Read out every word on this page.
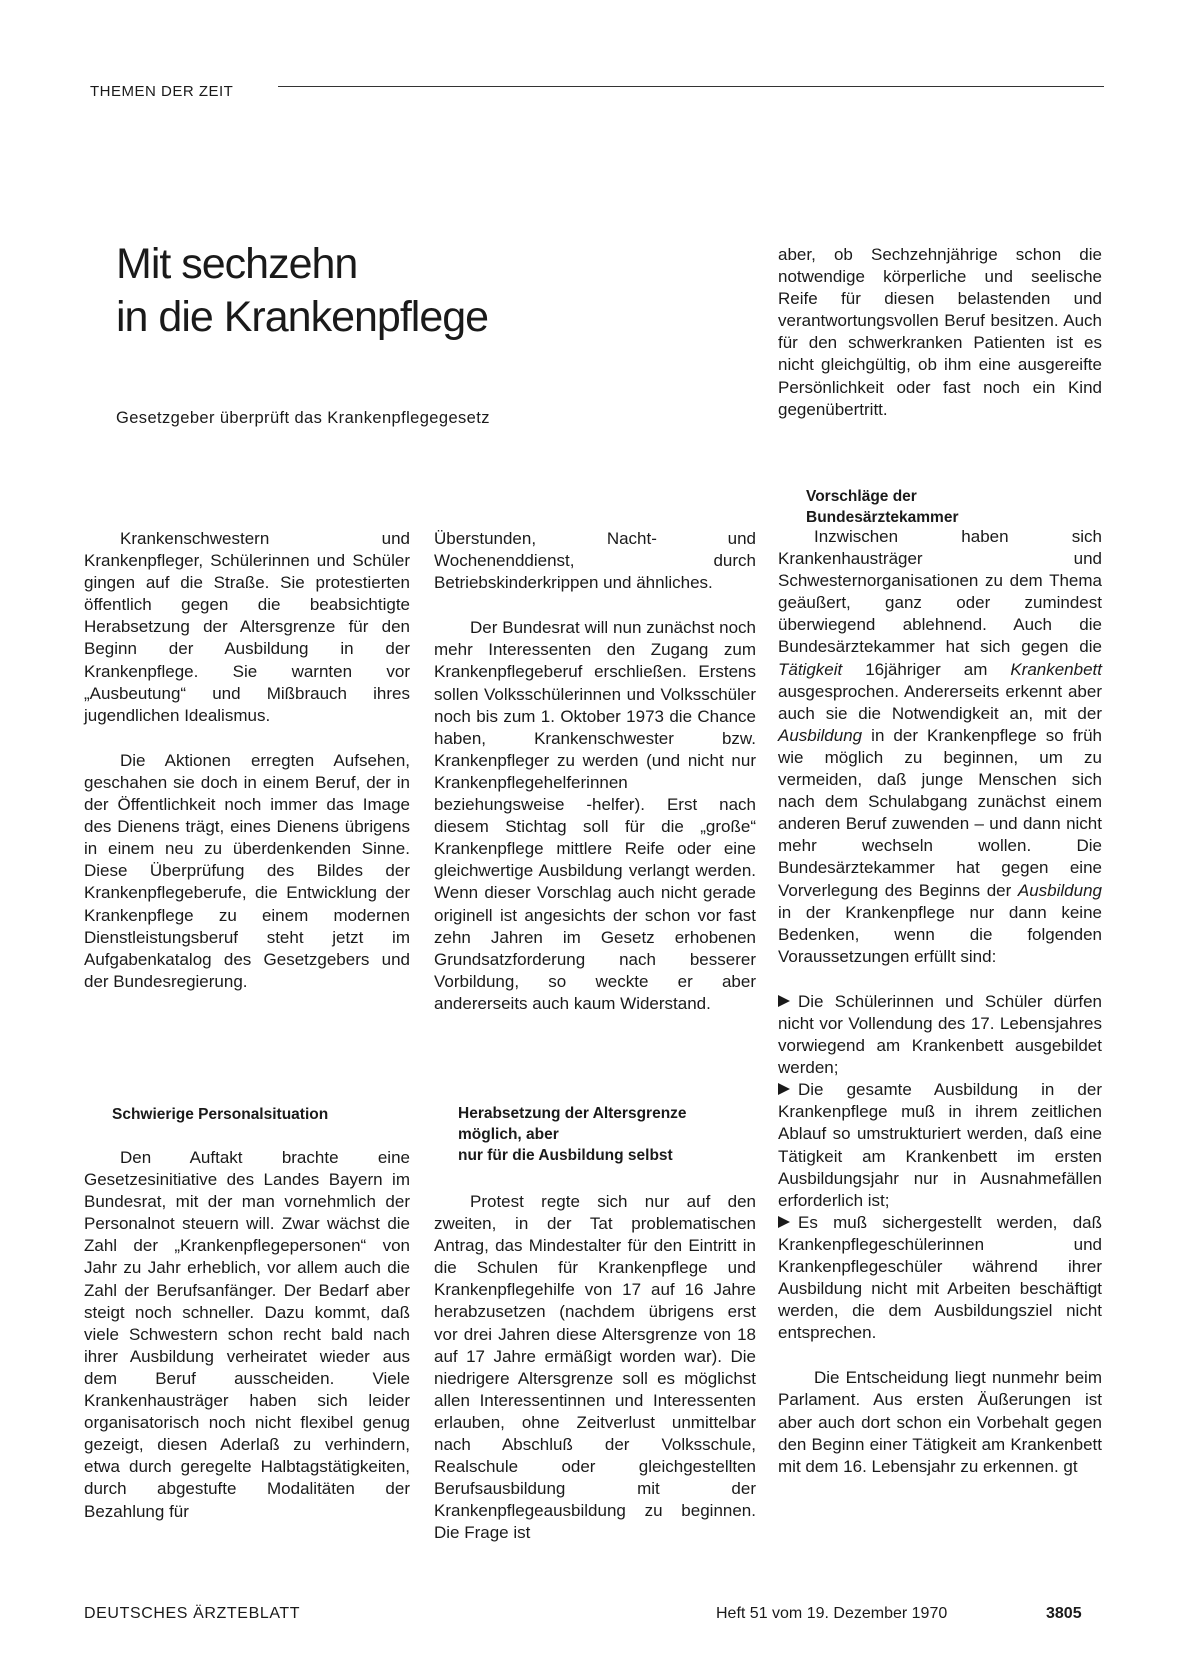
THEMEN DER ZEIT
Mit sechzehn
in die Krankenpflege

Gesetzgeber überprüft das Krankenpflegegesetz

aber, ob Sechzehnjährige schon die notwendige körperliche und seelische Reife für diesen belastenden und verantwortungsvollen Beruf besitzen. Auch für den schwerkranken Patienten ist es nicht gleichgültig, ob ihm eine ausgereifte Persönlichkeit oder fast noch ein Kind gegenübertritt.

Krankenschwestern und Krankenpfleger, Schülerinnen und Schüler gingen auf die Straße. Sie protestierten öffentlich gegen die beabsichtigte Herabsetzung der Altersgrenze für den Beginn der Ausbildung in der Krankenpflege. Sie warnten vor „Ausbeutung“ und Mißbrauch ihres jugendlichen Idealismus.

Die Aktionen erregten Aufsehen, geschahen sie doch in einem Beruf, der in der Öffentlichkeit noch immer das Image des Dienens trägt, eines Dienens übrigens in einem neu zu überdenkenden Sinne. Diese Überprüfung des Bildes der Krankenpflegeberufe, die Entwicklung der Krankenpflege zu einem modernen Dienstleistungsberuf steht jetzt im Aufgabenkatalog des Gesetzgebers und der Bundesregierung.

Schwierige Personalsituation

Den Auftakt brachte eine Gesetzesinitiative des Landes Bayern im Bundesrat, mit der man vornehmlich der Personalnot steuern will. Zwar wächst die Zahl der „Krankenpflegepersonen“ von Jahr zu Jahr erheblich, vor allem auch die Zahl der Berufsanfänger. Der Bedarf aber steigt noch schneller. Dazu kommt, daß viele Schwestern schon recht bald nach ihrer Ausbildung verheiratet wieder aus dem Beruf ausscheiden. Viele Krankenhausträger haben sich leider organisatorisch noch nicht flexibel genug gezeigt, diesen Aderlaß zu verhindern, etwa durch geregelte Halbtagstätigkeiten, durch abgestufte Modalitäten der Bezahlung für

Überstunden, Nacht- und Wochenenddienst, durch Betriebskinderkrippen und ähnliches.

Der Bundesrat will nun zunächst noch mehr Interessenten den Zugang zum Krankenpflegeberuf erschließen. Erstens sollen Volksschülerinnen und Volksschüler noch bis zum 1. Oktober 1973 die Chance haben, Krankenschwester bzw. Krankenpfleger zu werden (und nicht nur Krankenpflegehelferinnen beziehungsweise -helfer). Erst nach diesem Stichtag soll für die „große“ Krankenpflege mittlere Reife oder eine gleichwertige Ausbildung verlangt werden. Wenn dieser Vorschlag auch nicht gerade originell ist angesichts der schon vor fast zehn Jahren im Gesetz erhobenen Grundsatzforderung nach besserer Vorbildung, so weckte er aber andererseits auch kaum Widerstand.

Herabsetzung der Altersgrenze
möglich, aber
nur für die Ausbildung selbst

Protest regte sich nur auf den zweiten, in der Tat problematischen Antrag, das Mindestalter für den Eintritt in die Schulen für Krankenpflege und Krankenpflegehilfe von 17 auf 16 Jahre herabzusetzen (nachdem übrigens erst vor drei Jahren diese Altersgrenze von 18 auf 17 Jahre ermäßigt worden war). Die niedrigere Altersgrenze soll es möglichst allen Interessentinnen und Interessenten erlauben, ohne Zeitverlust unmittelbar nach Abschluß der Volksschule, Realschule oder gleichgestellten Berufsausbildung mit der Krankenpflegeausbildung zu beginnen. Die Frage ist

Vorschläge der
Bundesärztekammer

Inzwischen haben sich Krankenhausträger und Schwesternorganisationen zu dem Thema geäußert, ganz oder zumindest überwiegend ablehnend. Auch die Bundesärztekammer hat sich gegen die Tätigkeit 16jähriger am Krankenbett ausgesprochen. Andererseits erkennt aber auch sie die Notwendigkeit an, mit der Ausbildung in der Krankenpflege so früh wie möglich zu beginnen, um zu vermeiden, daß junge Menschen sich nach dem Schulabgang zunächst einem anderen Beruf zuwenden – und dann nicht mehr wechseln wollen. Die Bundesärztekammer hat gegen eine Vorverlegung des Beginns der Ausbildung in der Krankenpflege nur dann keine Bedenken, wenn die folgenden Voraussetzungen erfüllt sind:

Die Schülerinnen und Schüler dürfen nicht vor Vollendung des 17. Lebensjahres vorwiegend am Krankenbett ausgebildet werden;

Die gesamte Ausbildung in der Krankenpflege muß in ihrem zeitlichen Ablauf so umstrukturiert werden, daß eine Tätigkeit am Krankenbett im ersten Ausbildungsjahr nur in Ausnahmefällen erforderlich ist;

Es muß sichergestellt werden, daß Krankenpflegeschülerinnen und Krankenpflegeschüler während ihrer Ausbildung nicht mit Arbeiten beschäftigt werden, die dem Ausbildungsziel nicht entsprechen.

Die Entscheidung liegt nunmehr beim Parlament. Aus ersten Äußerungen ist aber auch dort schon ein Vorbehalt gegen den Beginn einer Tätigkeit am Krankenbett mit dem 16. Lebensjahr zu erkennen. gt

DEUTSCHES ÄRZTEBLATT	Heft 51 vom 19. Dezember 1970	3805
